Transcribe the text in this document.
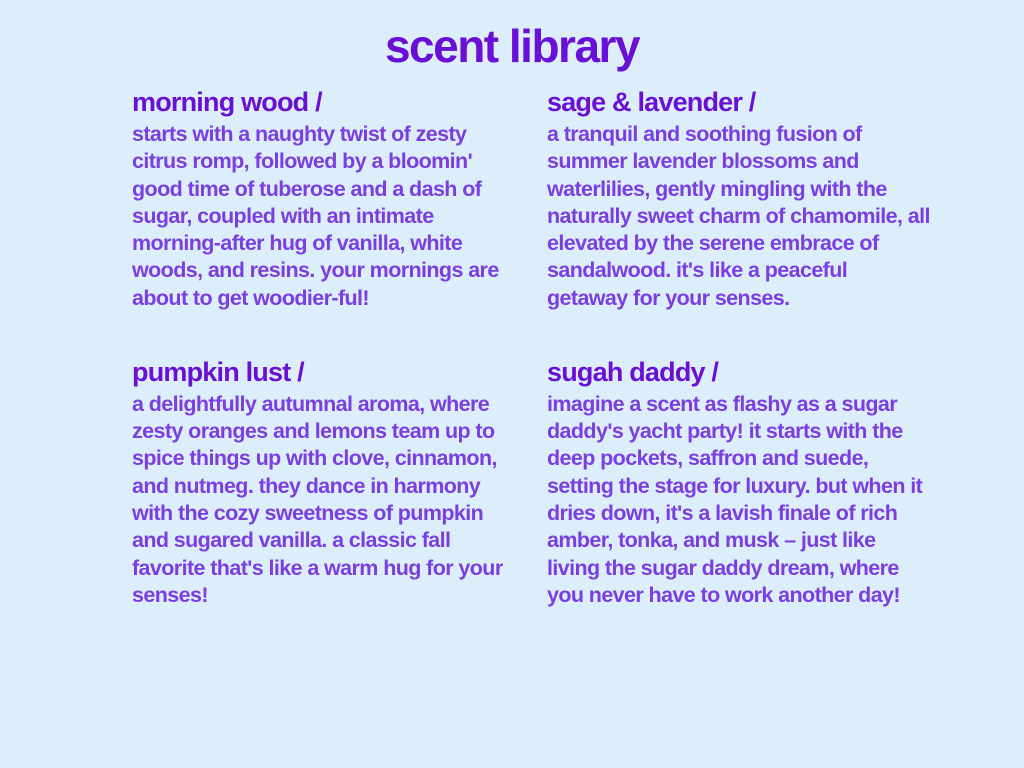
scent library
morning wood /
starts with a naughty twist of zesty citrus romp, followed by a bloomin' good time of tuberose and a dash of sugar, coupled with an intimate morning-after hug of vanilla, white woods, and resins. your mornings are about to get woodier-ful!
sage & lavender /
a tranquil and soothing fusion of summer lavender blossoms and waterlilies, gently mingling with the naturally sweet charm of chamomile, all elevated by the serene embrace of sandalwood. it's like a peaceful getaway for your senses.
pumpkin lust /
a delightfully autumnal aroma, where zesty oranges and lemons team up to spice things up with clove, cinnamon, and nutmeg. they dance in harmony with the cozy sweetness of pumpkin and sugared vanilla. a classic fall favorite that's like a warm hug for your senses!
sugah daddy /
imagine a scent as flashy as a sugar daddy's yacht party! it starts with the deep pockets, saffron and suede, setting the stage for luxury. but when it dries down, it's a lavish finale of rich amber, tonka, and musk – just like living the sugar daddy dream, where you never have to work another day!
